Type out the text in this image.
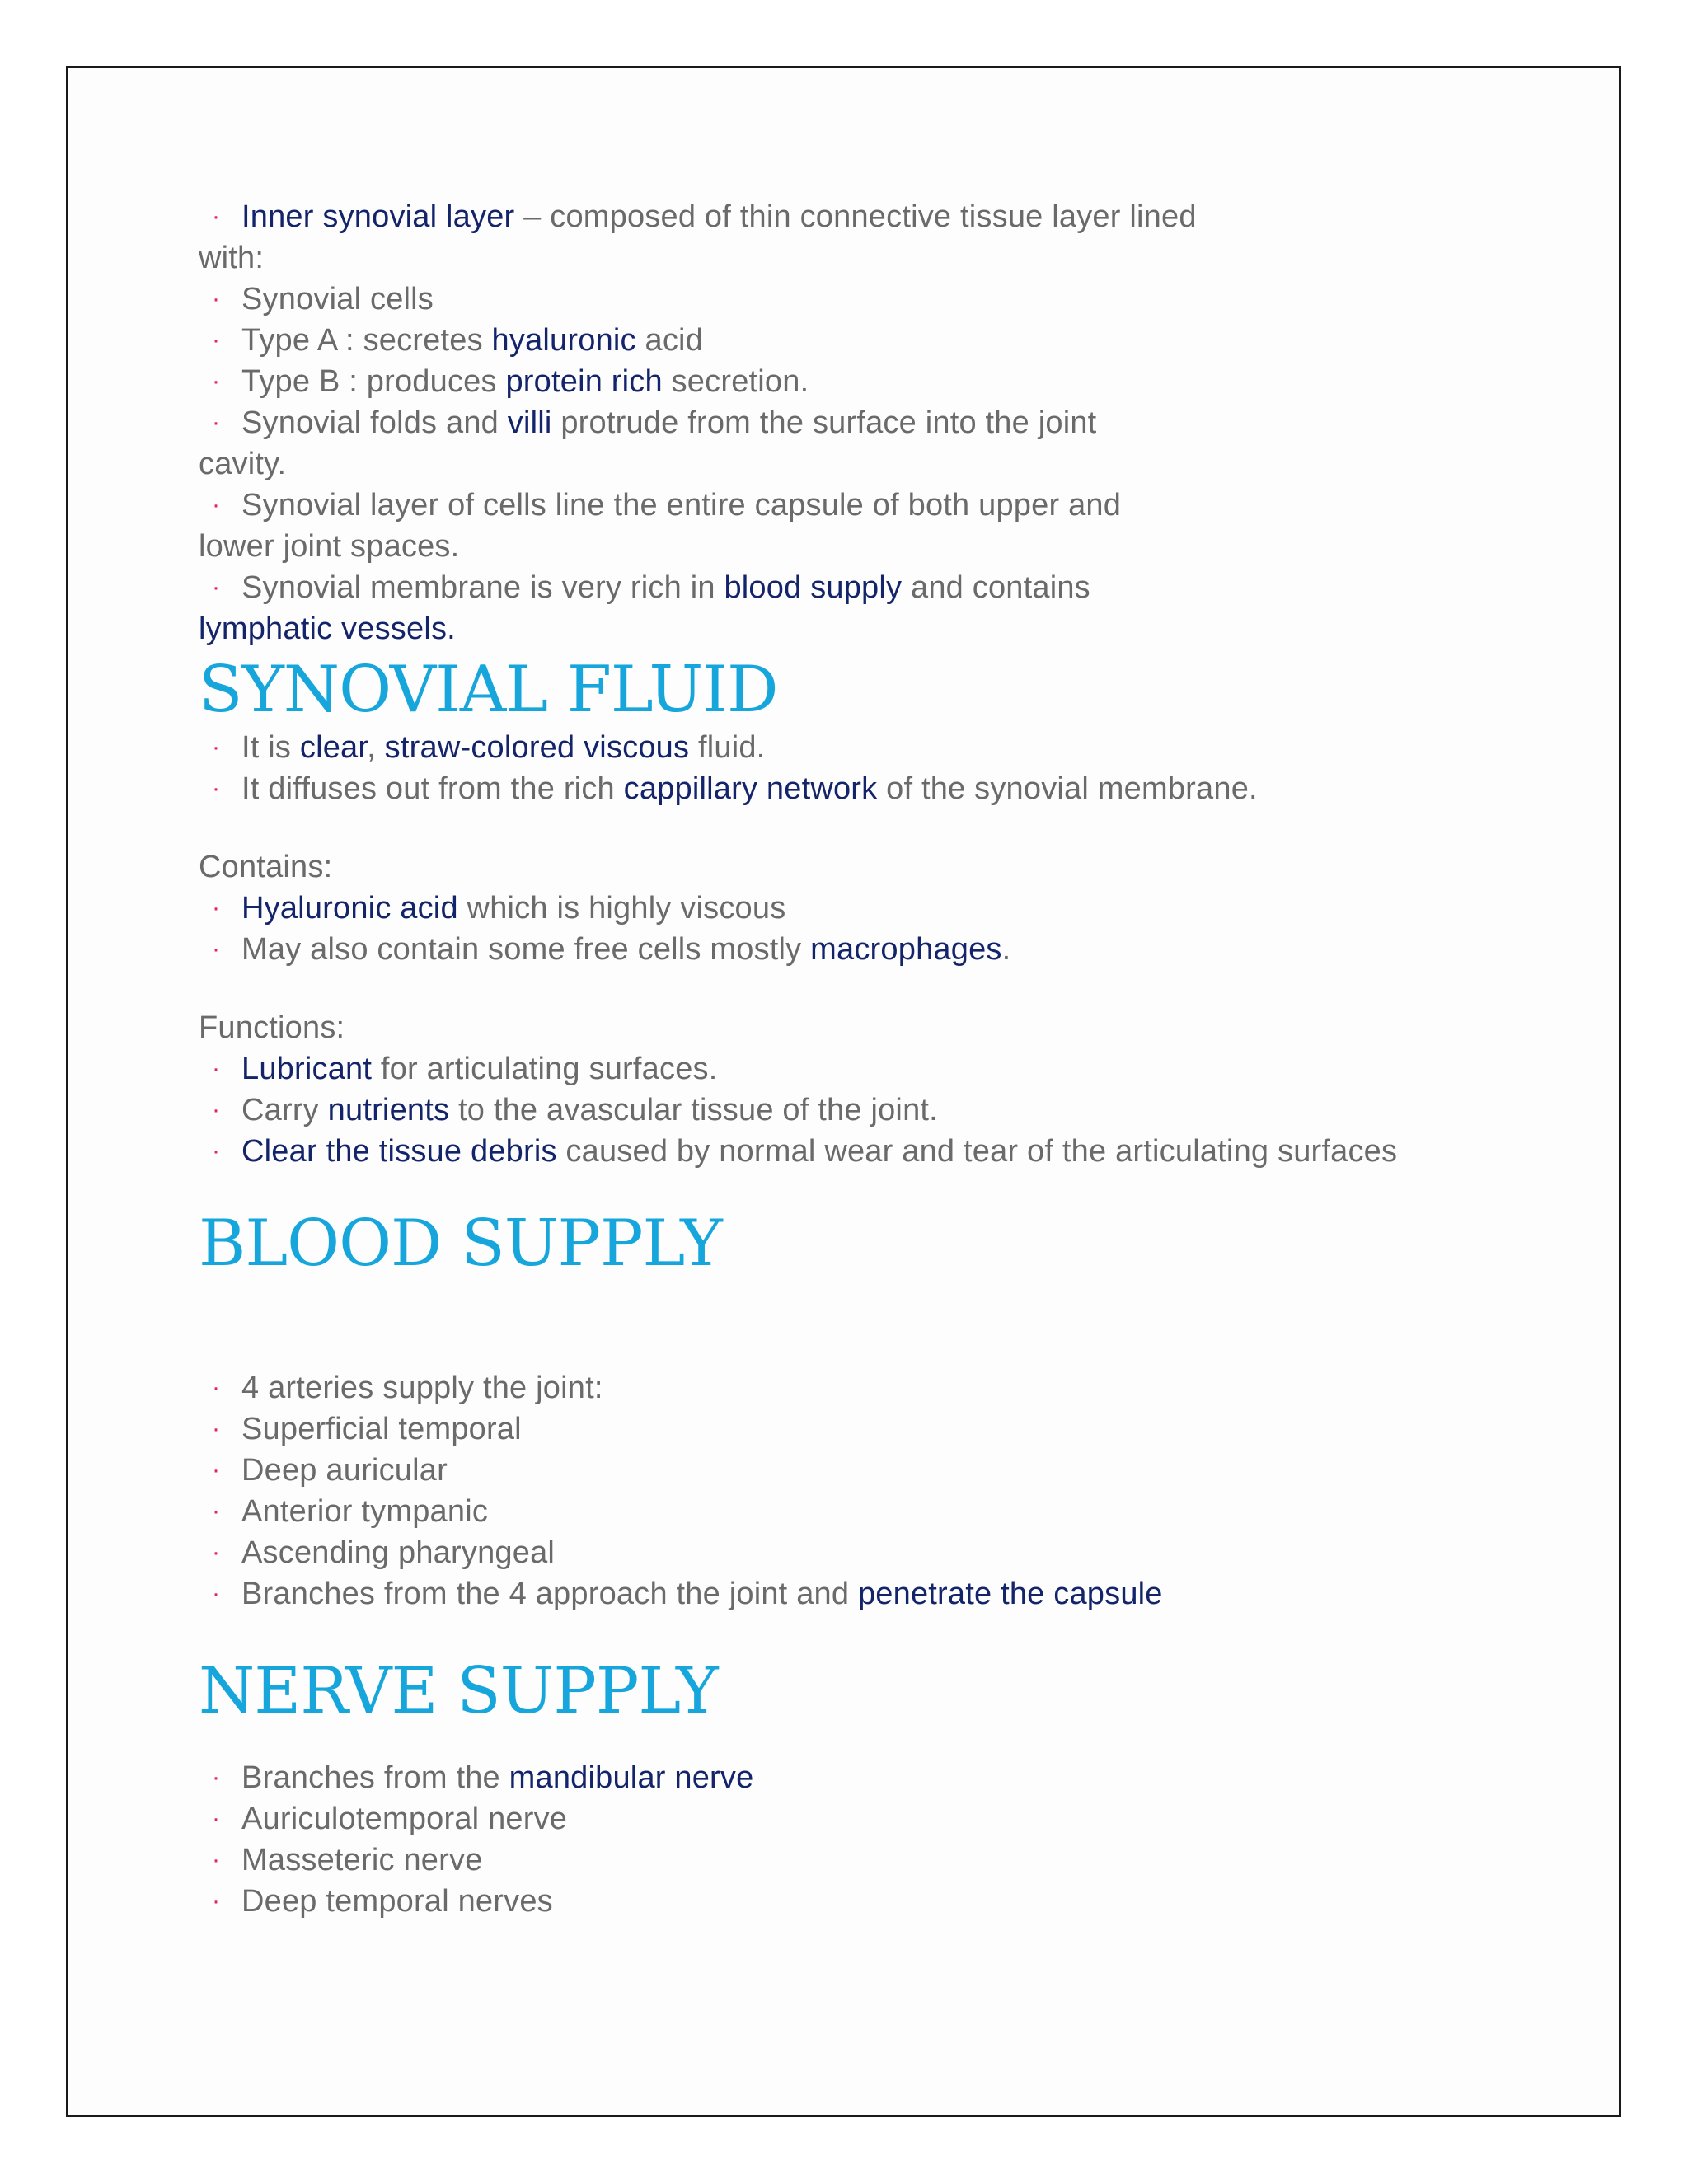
· Inner synovial layer – composed of thin connective tissue layer lined

with:

· Synovial cells

· Type A : secretes hyaluronic acid

· Type B : produces protein rich secretion.

· Synovial folds and villi protrude from the surface into the joint

cavity.

· Synovial layer of cells line the entire capsule of both upper and

lower joint spaces.

· Synovial membrane is very rich in blood supply and contains

lymphatic vessels.

SYNOVIAL FLUID

· It is clear, straw-colored viscous fluid.

· It diffuses out from the rich cappillary network of the synovial membrane.

Contains:

· Hyaluronic acid which is highly viscous

· May also contain some free cells mostly macrophages.

Functions:

· Lubricant for articulating surfaces.

· Carry nutrients to the avascular tissue of the joint.

· Clear the tissue debris caused by normal wear and tear of the articulating surfaces

BLOOD SUPPLY

· 4 arteries supply the joint:

· Superficial temporal

· Deep auricular

· Anterior tympanic

· Ascending pharyngeal

· Branches from the 4 approach the joint and penetrate the capsule

NERVE SUPPLY

· Branches from the mandibular nerve

· Auriculotemporal nerve

· Masseteric nerve

· Deep temporal nerves
